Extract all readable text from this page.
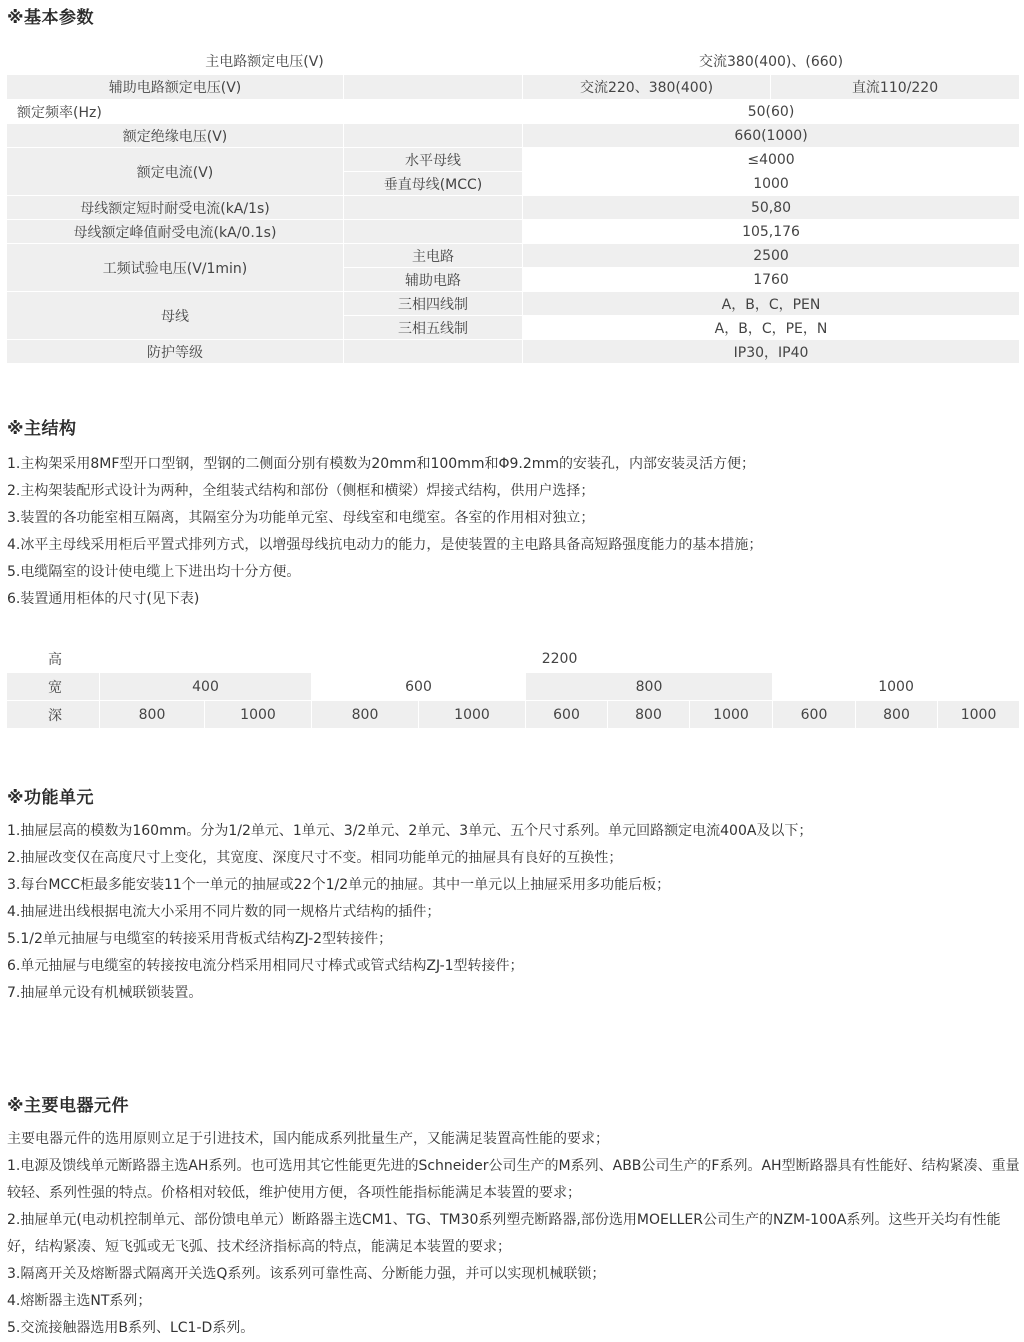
※基本参数
主电路额定电压(V)		交流380(400)、(660)	
辅助电路额定电压(V)		交流220、380(400)	直流110/220
额定频率(Hz)		50(60)	
额定绝缘电压(V)		660(1000)	
额定电流(V)	水平母线	≤4000	
	垂直母线(MCC)	1000	
母线额定短时耐受电流(kA/1s)		50,80	
母线额定峰值耐受电流(kA/0.1s)		105,176	
工频试验电压(V/1min)	主电路	2500	
	辅助电路	1760	
母线	三相四线制	A，B，C，PEN	
	三相五线制	A，B，C，PE，N	
防护等级		IP30，IP40	
※主结构
1.主构架采用8MF型开口型钢，型钢的二侧面分别有模数为20mm和100mm和Φ9.2mm的安装孔，内部安装灵活方便；
2.主构架装配形式设计为两种，全组装式结构和部份（侧框和横梁）焊接式结构，供用户选择；
3.装置的各功能室相互隔离，其隔室分为功能单元室、母线室和电缆室。各室的作用相对独立；
4.冰平主母线采用柜后平置式排列方式，以增强母线抗电动力的能力，是使装置的主电路具备高短路强度能力的基本措施；
5.电缆隔室的设计使电缆上下进出均十分方便。
6.装置通用柜体的尺寸(见下表)
高	2200									
宽	400		600		800			1000		
深	800	1000	800	1000	600	800	1000	600	800	1000
※功能单元
1.抽屉层高的模数为160mm。分为1/2单元、1单元、3/2单元、2单元、3单元、五个尺寸系列。单元回路额定电流400A及以下；
2.抽屉改变仅在高度尺寸上变化，其宽度、深度尺寸不变。相同功能单元的抽屉具有良好的互换性；
3.每台MCC柜最多能安装11个一单元的抽屉或22个1/2单元的抽屉。其中一单元以上抽屉采用多功能后板；
4.抽屉进出线根据电流大小采用不同片数的同一规格片式结构的插件；
5.1/2单元抽屉与电缆室的转接采用背板式结构ZJ-2型转接件；
6.单元抽屉与电缆室的转接按电流分档采用相同尺寸棒式或管式结构ZJ-1型转接件；
7.抽屉单元设有机械联锁装置。
※主要电器元件
主要电器元件的选用原则立足于引进技术，国内能成系列批量生产，又能满足装置高性能的要求；
1.电源及馈线单元断路器主选AH系列。也可选用其它性能更先进的Schneider公司生产的M系列、ABB公司生产的F系列。AH型断路器具有性能好、结构紧凑、重量较轻、系列性强的特点。价格相对较低，维护使用方便，各项性能指标能满足本装置的要求；
2.抽屉单元(电动机控制单元、部份馈电单元）断路器主选CM1、TG、TM30系列塑壳断路器,部份选用MOELLER公司生产的NZM-100A系列。这些开关均有性能好，结构紧凑、短飞弧或无飞弧、技术经济指标高的特点，能满足本装置的要求；
3.隔离开关及熔断器式隔离开关选Q系列。该系列可靠性高、分断能力强，并可以实现机械联锁；
4.熔断器主选NT系列；
5.交流接触器选用B系列、LC1-D系列。
